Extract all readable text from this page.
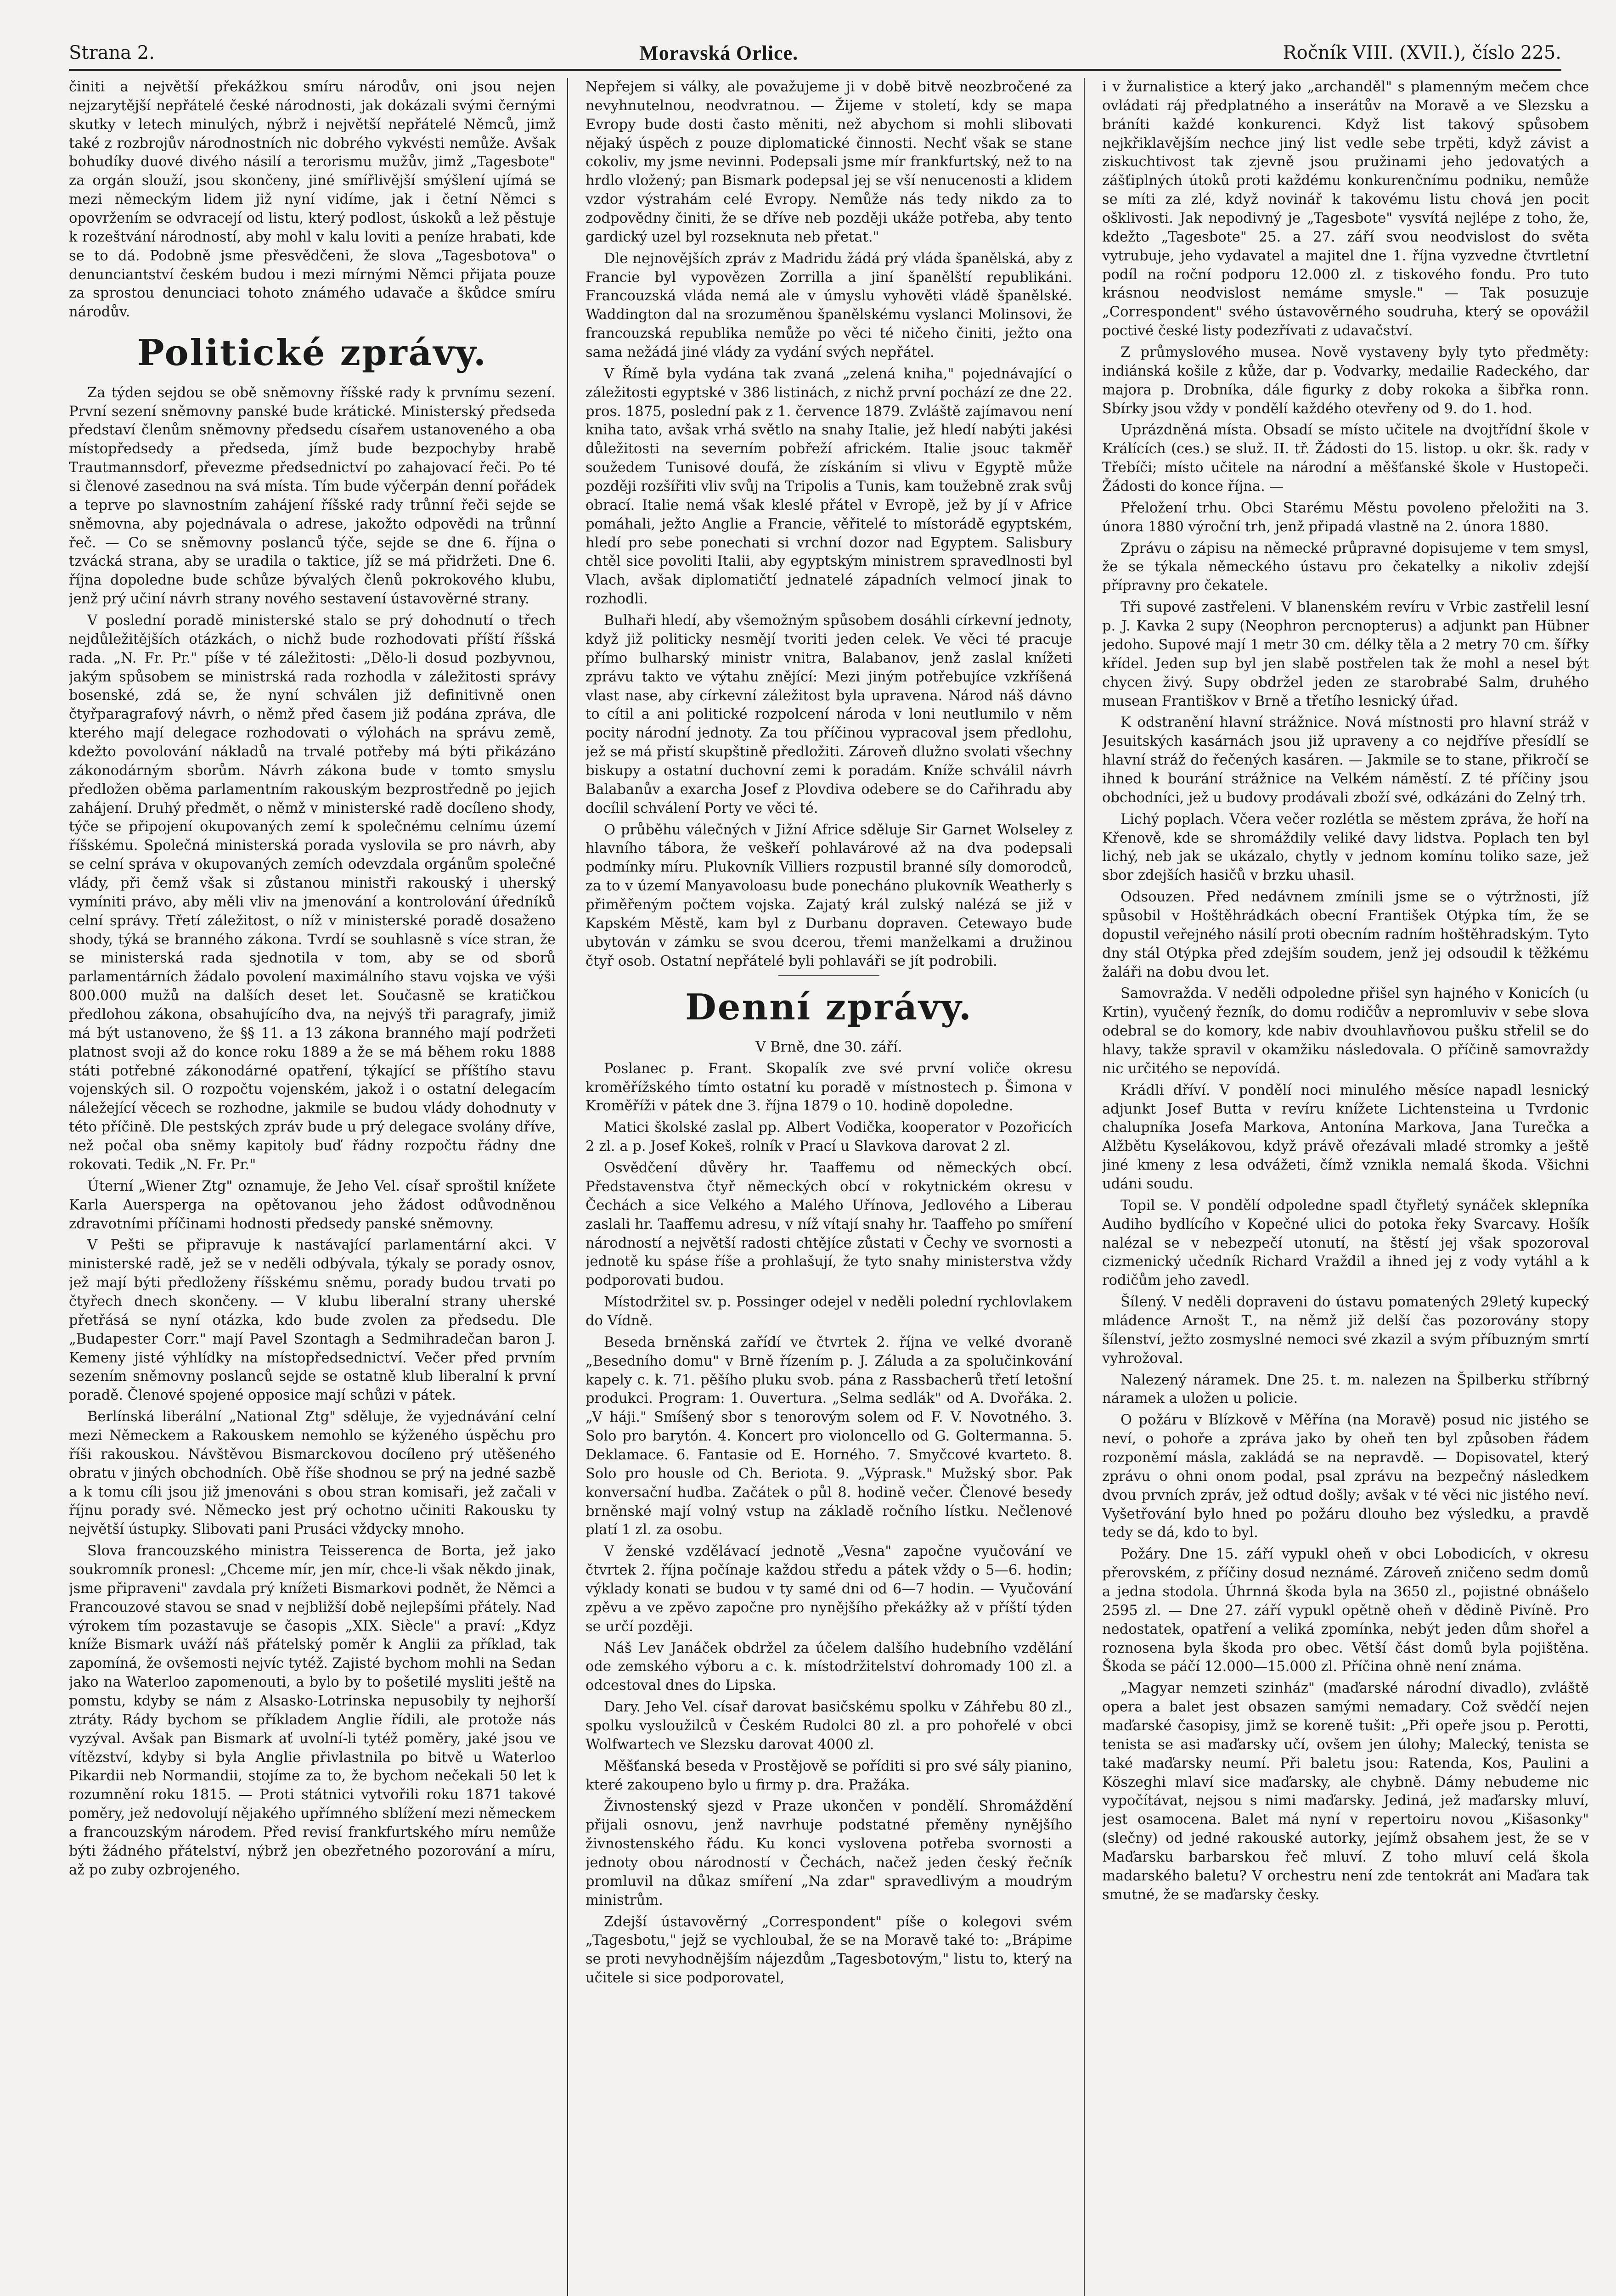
Strana 2.	Moravská Orlice.	Ročník VIII. (XVII.), číslo 225.

činiti a největší překážkou smíru národův, oni jsou nejen nejzarytější nepřátelé české národnosti, jak dokázali svými černými skutky v letech minulých, nýbrž i největší nepřátelé Němců, jimž také z rozbrojův národnostních nic dobrého vykvésti nemůže. Avšak bohudíky duové divého násilí a terorismu mužův, jimž „Tagesbote" za orgán slouží, jsou skončeny, jiné smířlivější smýšlení ujímá se mezi německým lidem již nyní vidíme, jak i četní Němci s opovržením se odvracejí od listu, který podlost, úskoků a lež pěstuje k rozeštvání národností, aby mohl v kalu loviti a peníze hrabati, kde se to dá. Podobně jsme přesvědčeni, že slova „Tagesbotova" o denunciantství českém budou i mezi mírnými Němci přijata pouze za sprostou denunciaci tohoto známého udavače a škůdce smíru národův.

Politické zprávy.

Za týden sejdou se obě sněmovny říšské rady k prvnímu sezení. První sezení sněmovny panské bude krátické. Ministerský předseda představí členům sněmovny předsedu císařem ustanoveného a oba místopředsedy a předseda, jímž bude bezpochyby hrabě Trautmannsdorf, převezme předsednictví po zahajovací řeči. Po té si členové zasednou na svá místa. Tím bude výčerpán denní pořádek a teprve po slavnostním zahájení říšské rady trůnní řeči sejde se sněmovna, aby pojednávala o adrese, jakožto odpovědi na trůnní řeč. — Co se sněmovny poslanců týče, sejde se dne 6. října o tzvácká strana, aby se uradila o taktice, jíž se má přidržeti. Dne 6. října dopoledne bude schůze bývalých členů pokrokového klubu, jenž prý učiní návrh strany nového sestavení ústavověrné strany.

V poslední poradě ministerské stalo se prý dohodnutí o třech nejdůležitějších otázkách, o nichž bude rozhodovati příští říšská rada. „N. Fr. Pr." píše v té záležitosti: „Dělo-li dosud pozbyvnou, jakým spůsobem se ministrská rada rozhodla v záležitosti správy bosenské, zdá se, že nyní schválen již definitivně onen čtyřparagrafový návrh, o němž před časem již podána zpráva, dle kterého mají delegace rozhodovati o výlohách na správu země, kdežto povolování nákladů na trvalé potřeby má býti přikázáno zákonodárným sborům. Návrh zákona bude v tomto smyslu předložen oběma parlamentním rakouským bezprostředně po jejich zahájení. Druhý předmět, o němž v ministerské radě docíleno shody, týče se připojení okupovaných zemí k společnému celnímu území říšskému. Společná ministerská porada vyslovila se pro návrh, aby se celní správa v okupovaných zemích odevzdala orgánům společné vlády, při čemž však si zůstanou ministři rakouský i uherský vymíniti právo, aby měli vliv na jmenování a kontrolování úředníků celní správy. Třetí záležitost, o níž v ministerské poradě dosaženo shody, týká se branného zákona. Tvrdí se souhlasně s více stran, že se ministerská rada sjednotila v tom, aby se od sborů parlamentárních žádalo povolení maximálního stavu vojska ve výši 800.000 mužů na dalších deset let. Současně se kratičkou předlohou zákona, obsahujícího dva, na nejvýš tři paragrafy, jimiž má být ustanoveno, že §§ 11. a 13 zákona branného mají podržeti platnost svoji až do konce roku 1889 a že se má během roku 1888 státi potřebné zákonodárné opatření, týkající se příštího stavu vojenských sil. O rozpočtu vojenském, jakož i o ostatní delegacím náležející věcech se rozhodne, jakmile se budou vlády dohodnuty v této příčině. Dle pestských zpráv bude u prý delegace svolány dříve, než počal oba sněmy kapitoly buď řádny rozpočtu řádny dne rokovati. Tedik „N. Fr. Pr."

Úterní „Wiener Ztg" oznamuje, že Jeho Vel. císař sproštil knížete Karla Auersperga na opětovanou jeho žádost odůvodněnou zdravotními příčinami hodnosti předsedy panské sněmovny.

V Pešti se připravuje k nastávající parlamentární akci. V ministerské radě, jež se v neděli odbývala, týkaly se porady osnov, jež mají býti předloženy říšskému sněmu, porady budou trvati po čtyřech dnech skončeny. — V klubu liberalní strany uherské přetřásá se nyní otázka, kdo bude zvolen za předsedu. Dle „Budapester Corr." mají Pavel Szontagh a Sedmihradečan baron J. Kemeny jisté výhlídky na místopředsednictví. Večer před prvním sezením sněmovny poslanců sejde se ostatně klub liberalní k první poradě. Členové spojené opposice mají schůzi v pátek.

Berlínská liberální „National Ztg" sděluje, že vyjednávání celní mezi Německem a Rakouskem nemohlo se kýženého úspěchu pro říši rakouskou. Návštěvou Bismarckovou docíleno prý utěšeného obratu v jiných obchodních. Obě říše shodnou se prý na jedné sazbě a k tomu cíli jsou již jmenováni s obou stran komisaři, jež začali v říjnu porady své. Německo jest prý ochotno učiniti Rakousku ty největší ústupky. Slibovati pani Prusáci vždycky mnoho.

Slova francouzského ministra Teisserenca de Borta, jež jako soukromník pronesl: „Chceme mír, jen mír, chce-li však někdo jinak, jsme připraveni" zavdala prý knížeti Bismarkovi podnět, že Němci a Francouzové stavou se snad v nejbližší době nejlepšími přátely. Nad výrokem tím pozastavuje se časopis „XIX. Siècle" a praví: „Kdyz kníže Bismark uváží náš přátelský poměr k Anglii za příklad, tak zapomíná, že ovšemosti nejvíc tytéž. Zajisté bychom mohli na Sedan jako na Waterloo zapomenouti, a bylo by to pošetilé mysliti ještě na pomstu, kdyby se nám z Alsasko-Lotrinska nepusobily ty nejhorší ztráty. Rády bychom se příkladem Anglie řídili, ale protože nás vyzýval. Avšak pan Bismark ať uvolní-li tytéž poměry, jaké jsou ve vítězství, kdyby si byla Anglie přivlastnila po bitvě u Waterloo Pikardii neb Normandii, stojíme za to, že bychom nečekali 50 let k rozumnění roku 1815. — Proti státnici vytvořili roku 1871 takové poměry, jež nedovolují nějakého upřímného sblížení mezi německem a francouzským národem. Před revisí frankfurtského míru nemůže býti žádného přátelství, nýbrž jen obezřetného pozorování a míru, až po zuby ozbrojeného.

Nepřejem si války, ale považujeme ji v době bitvě neozbročené za nevyhnutelnou, neodvratnou. — Žijeme v století, kdy se mapa Evropy bude dosti často měniti, než abychom si mohli slibovati nějaký úspěch z pouze diplomatické činnosti. Nechť však se stane cokoliv, my jsme nevinni. Podepsali jsme mír frankfurtský, než to na hrdlo vložený; pan Bismark podepsal jej se vší nenucenosti a klidem vzdor výstrahám celé Evropy. Nemůže nás tedy nikdo za to zodpovědny činiti, že se dříve neb později ukáže potřeba, aby tento gardický uzel byl rozseknuta neb přetat."

Dle nejnovějších zpráv z Madridu žádá prý vláda španělská, aby z Francie byl vypovězen Zorrilla a jiní španělští republikáni. Francouzská vláda nemá ale v úmyslu vyhověti vládě španělské. Waddington dal na srozuměnou španělskému vyslanci Molinsovi, že francouzská republika nemůže po věci té ničeho činiti, ježto ona sama nežádá jiné vlády za vydání svých nepřátel.

V Římě byla vydána tak zvaná „zelená kniha," pojednávající o záležitosti egyptské v 386 listinách, z nichž první pochází ze dne 22. pros. 1875, poslední pak z 1. července 1879. Zvláště zajímavou není kniha tato, avšak vrhá světlo na snahy Italie, jež hledí nabýti jakési důležitosti na severním pobřeží africkém. Italie jsouc takměř soužedem Tunisové doufá, že získáním si vlivu v Egyptě může později rozšířiti vliv svůj na Tripolis a Tunis, kam toužebně zrak svůj obrací. Italie nemá však kleslé přátel v Evropě, jež by jí v Africe pomáhali, ježto Anglie a Francie, věřitelé to místorádě egyptském, hledí pro sebe ponechati si vrchní dozor nad Egyptem. Salisbury chtěl sice povoliti Italii, aby egyptským ministrem spravedlnosti byl Vlach, avšak diplomatičtí jednatelé západních velmocí jinak to rozhodli.

Bulhaři hledí, aby všemožným spůsobem dosáhli církevní jednoty, když již politicky nesmějí tvoriti jeden celek. Ve věci té pracuje přímo bulharský ministr vnitra, Balabanov, jenž zaslal knížeti zprávu takto ve výtahu znějící: Mezi jiným potřebujíce vzkříšená vlast nase, aby církevní záležitost byla upravena. Národ náš dávno to cítil a ani politické rozpolcení národa v loni neutlumilo v něm pocity národní jednoty. Za tou příčinou vypracoval jsem předlohu, jež se má přistí skupštině předložiti. Zároveň dlužno svolati všechny biskupy a ostatní duchovní zemi k poradám. Kníže schválil návrh Balabanův a exarcha Josef z Plovdiva odebere se do Cařihradu aby docílil schválení Porty ve věci té.

O průběhu válečných v Jižní Africe sděluje Sir Garnet Wolseley z hlavního tábora, že veškeří pohlavárové až na dva podepsali podmínky míru. Plukovník Villiers rozpustil branné síly domorodců, za to v území Manyavoloasu bude ponecháno plukovník Weatherly s přiměřeným počtem vojska. Zajatý král zulský nalézá se již v Kapském Městě, kam byl z Durbanu dopraven. Cetewayo bude ubytován v zámku se svou dcerou, třemi manželkami a družinou čtyř osob. Ostatní nepřátelé byli pohlaváři se jít podrobili.

Denní zprávy.

V Brně, dne 30. září.

Poslanec p. Frant. Skopalík zve své první voliče okresu kroměřížského tímto ostatní ku poradě v místnostech p. Šimona v Kroměříži v pátek dne 3. října 1879 o 10. hodině dopoledne.

Matici školské zaslal pp. Albert Vodička, kooperator v Pozořicích 2 zl. a p. Josef Kokeš, rolník v Prací u Slavkova darovat 2 zl.

Osvědčení důvěry hr. Taaffemu od německých obcí. Představenstva čtyř německých obcí v rokytnickém okresu v Čechách a sice Velkého a Malého Uřínova, Jedlového a Liberau zaslali hr. Taaffemu adresu, v níž vítají snahy hr. Taaffeho po smíření národností a největší radosti chtějíce zůstati v Čechy ve svornosti a jednotě ku spáse říše a prohlašují, že tyto snahy ministerstva vždy podporovati budou.

Místodržitel sv. p. Possinger odejel v neděli polední rychlovlakem do Vídně.

Beseda brněnská zařídí ve čtvrtek 2. října ve velké dvoraně „Besedního domu" v Brně řízením p. J. Záluda a za spolučinkování kapely c. k. 71. pěšího pluku svob. pána z Rassbacherů třetí letošní produkci. Program: 1. Ouvertura. „Selma sedlák" od A. Dvořáka. 2. „V háji." Smíšený sbor s tenorovým solem od F. V. Novotného. 3. Solo pro barytón. 4. Koncert pro violoncello od G. Goltermanna. 5. Deklamace. 6. Fantasie od E. Horného. 7. Smyčcové kvarteto. 8. Solo pro housle od Ch. Beriota. 9. „Výprask." Mužský sbor. Pak konversační hudba. Začátek o půl 8. hodině večer. Členové besedy brněnské mají volný vstup na základě ročního lístku. Nečlenové platí 1 zl. za osobu.

V ženské vzdělávací jednotě „Vesna" započne vyučování ve čtvrtek 2. října počínaje každou středu a pátek vždy o 5—6. hodin; výklady konati se budou v ty samé dni od 6—7 hodin. — Vyučování zpěvu a ve zpěvo započne pro nynějšího překážky až v příští týden se určí později.

Náš Lev Janáček obdržel za účelem dalšího hudebního vzdělání ode zemského výboru a c. k. místodržitelství dohromady 100 zl. a odcestoval dnes do Lipska.

Dary. Jeho Vel. císař darovat basičskému spolku v Záhřebu 80 zl., spolku vysloužilců v Českém Rudolci 80 zl. a pro pohořelé v obci Wolfwartech ve Slezsku darovat 4000 zl.

Měšťanská beseda v Prostějově se poříditi si pro své sály pianino, které zakoupeno bylo u firmy p. dra. Pražáka.

Živnostenský sjezd v Praze ukončen v pondělí. Shromáždění přijali osnovu, jenž navrhuje podstatné přeměny nynějšího živnostenského řádu. Ku konci vyslovena potřeba svornosti a jednoty obou národností v Čechách, načež jeden český řečník promluvil na důkaz smíření „Na zdar" spravedlivým a moudrým ministrům.

Zdejší ústavověrný „Correspondent" píše o kolegovi svém „Tagesbotu," jejž se vychloubal, že se na Moravě také to: „Brápime se proti nevyhodnějším nájezdům „Tagesbotovým," listu to, který na učitele si sice podporovatel,

i v žurnalistice a který jako „archanděl" s plamenným mečem chce ovládati ráj předplatného a inserátův na Moravě a ve Slezsku a bráníti každé konkurenci. Když list takový spůsobem nejkřiklavějším nechce jiný list vedle sebe trpěti, když závist a ziskuchtivost tak zjevně jsou pružinami jeho jedovatých a zášťiplných útoků proti každému konkurenčnímu podniku, nemůže se míti za zlé, když novinář k takovému listu chová jen pocit ošklivosti. Jak nepodivný je „Tagesbote" vysvítá nejlépe z toho, že, kdežto „Tagesbote" 25. a 27. září svou neodvislost do světa vytrubuje, jeho vydavatel a majitel dne 1. října vyzvedne čtvrtletní podíl na roční podporu 12.000 zl. z tiskového fondu. Pro tuto krásnou neodvislost nemáme smysle." — Tak posuzuje „Correspondent" svého ústavověrného soudruha, který se opovážil poctivé české listy podezřívati z udavačství.

Z průmyslového musea. Nově vystaveny byly tyto předměty: indiánská košile z kůže, dar p. Vodvarky, medailie Radeckého, dar majora p. Drobníka, dále figurky z doby rokoka a šibřka ronn. Sbírky jsou vždy v pondělí každého otevřeny od 9. do 1. hod.

Uprázdněná místa. Obsadí se místo učitele na dvojtřídní škole v Králících (ces.) se služ. II. tř. Žádosti do 15. listop. u okr. šk. rady v Třebíči; místo učitele na národní a měšťanské škole v Hustopeči. Žádosti do konce října. —

Přeložení trhu. Obci Starému Městu povoleno přeložiti na 3. února 1880 výroční trh, jenž připadá vlastně na 2. února 1880.

Zprávu o zápisu na německé průpravné dopisujeme v tem smysl, že se týkala německého ústavu pro čekatelky a nikoliv zdejší přípravny pro čekatele.

Tři supové zastřeleni. V blanenském revíru v Vrbic zastřelil lesní p. J. Kavka 2 supy (Neophron percnopterus) a adjunkt pan Hübner jedoho. Supové mají 1 metr 30 cm. délky těla a 2 metry 70 cm. šířky křídel. Jeden sup byl jen slabě postřelen tak že mohl a nesel být chycen živý. Supy obdržel jeden ze starobrabé Salm, druhého musean Františkov v Brně a třetího lesnický úřad.

K odstranění hlavní strážnice. Nová místnosti pro hlavní stráž v Jesuitských kasárnách jsou již upraveny a co nejdříve přesídlí se hlavní stráž do řečených kasáren. — Jakmile se to stane, přikročí se ihned k bourání strážnice na Velkém náměstí. Z té příčiny jsou obchodníci, jež u budovy prodávali zboží své, odkázáni do Zelný trh.

Lichý poplach. Včera večer rozlétla se městem zpráva, že hoří na Křenově, kde se shromáždily veliké davy lidstva. Poplach ten byl lichý, neb jak se ukázalo, chytly v jednom komínu toliko saze, jež sbor zdejších hasičů v brzku uhasil.

Odsouzen. Před nedávnem zmínili jsme se o výtržnosti, jíž spůsobil v Hoštěhrádkách obecní František Otýpka tím, že se dopustil veřejného násilí proti obecním radním hoštěhradským. Tyto dny stál Otýpka před zdejším soudem, jenž jej odsoudil k těžkému žaláři na dobu dvou let.

Samovražda. V neděli odpoledne přišel syn hajného v Konicích (u Krtin), vyučený řezník, do domu rodičův a nepromluviv v sebe slova odebral se do komory, kde nabiv dvouhlavňovou pušku střelil se do hlavy, takže spravil v okamžiku následovala. O příčině samovraždy nic určitého se nepovídá.

Krádli dříví. V pondělí noci minulého měsíce napadl lesnický adjunkt Josef Butta v revíru knížete Lichtensteina u Tvrdonic chalupníka Josefa Markova, Antonína Markova, Jana Turečka a Alžbětu Kyselákovou, když právě ořezávali mladé stromky a ještě jiné kmeny z lesa odvážeti, čímž vznikla nemalá škoda. Všichni udáni soudu.

Topil se. V pondělí odpoledne spadl čtyřletý synáček sklepníka Audiho bydlícího v Kopečné ulici do potoka řeky Svarcavy. Hošík nalézal se v nebezpečí utonutí, na štěstí jej však spozoroval cizmenický učedník Richard Vraždil a ihned jej z vody vytáhl a k rodičům jeho zavedl.

Šílený. V neděli dopraveni do ústavu pomatených 29letý kupecký mládence Arnošt T., na němž již delší čas pozorovány stopy šílenství, ježto zosmyslné nemoci své zkazil a svým příbuzným smrtí vyhrožoval.

Nalezený náramek. Dne 25. t. m. nalezen na Špilberku stříbrný náramek a uložen u policie.

O požáru v Blízkově v Měřína (na Moravě) posud nic jistého se neví, o pohoře a zpráva jako by oheň ten byl způsoben řádem rozponěmí másla, zakládá se na nepravdě. — Dopisovatel, který zprávu o ohni onom podal, psal zprávu na bezpečný následkem dvou prvních zpráv, jež odtud došly; avšak v té věci nic jistého neví. Vyšetřování bylo hned po požáru dlouho bez výsledku, a pravdě tedy se dá, kdo to byl.

Požáry. Dne 15. září vypukl oheň v obci Lobodicích, v okresu přerovském, z příčiny dosud neznámé. Zároveň zničeno sedm domů a jedna stodola. Úhrnná škoda byla na 3650 zl., pojistné obnášelo 2595 zl. — Dne 27. září vypukl opětně oheň v dědině Pivíně. Pro nedostatek, opatření a veliká zpomínka, nebýt jeden dům shořel a roznosena byla škoda pro obec. Větší část domů byla pojištěna. Škoda se páčí 12.000—15.000 zl. Příčina ohně není známa.

„Magyar nemzeti szinház" (maďarské národní divadlo), zvláště opera a balet jest obsazen samými nemadary. Což svědčí nejen maďarské časopisy, jimž se koreně tušit: „Při opeře jsou p. Perotti, tenista se asi maďarsky učí, ovšem jen úlohy; Malecký, tenista se také maďarsky neumí. Při baletu jsou: Ratenda, Kos, Paulini a Köszeghi mlaví sice maďarsky, ale chybně. Dámy nebudeme nic vypočítávat, nejsou s nimi maďarsky. Jediná, jež maďarsky mluví, jest osamocena. Balet má nyní v repertoiru novou „Kišasonky" (slečny) od jedné rakouské autorky, jejímž obsahem jest, že se v Maďarsku barbarskou řeč mluví. Z toho mluví celá škola madarského baletu? V orchestru není zde tentokrát ani Maďara tak smutné, že se maďarsky česky.
